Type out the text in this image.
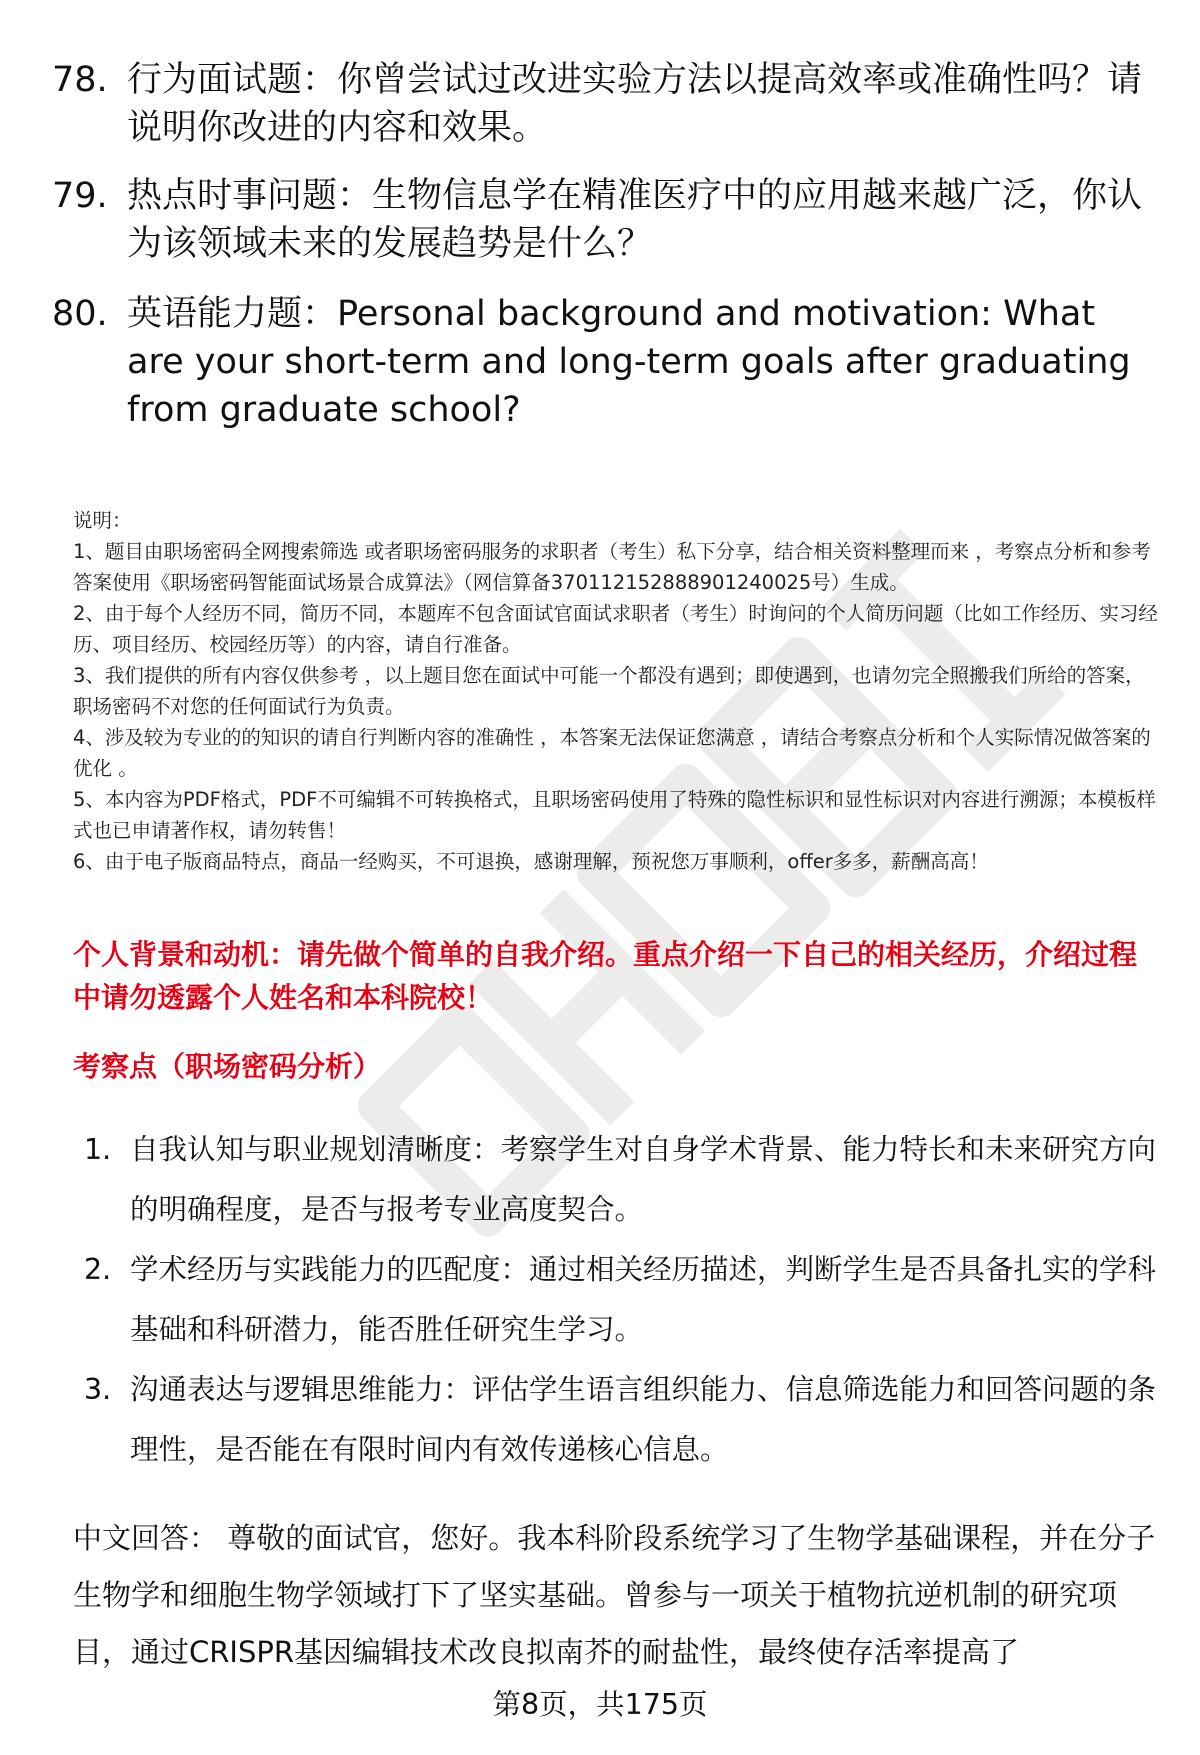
78. 行为面试题：你曾尝试过改进实验方法以提高效率或准确性吗？请说明你改进的内容和效果。
79. 热点时事问题：生物信息学在精准医疗中的应用越来越广泛，你认为该领域未来的发展趋势是什么？
80. 英语能力题：Personal background and motivation: What are your short-term and long-term goals after graduating from graduate school?

说明：

1、题目由职场密码全网搜索筛选 或者职场密码服务的求职者（考生）私下分享，结合相关资料整理而来 ，考察点分析和参考答案使用《职场密码智能面试场景合成算法》（网信算备370112152888901240025号）生成。

2、由于每个人经历不同，简历不同，本题库不包含面试官面试求职者（考生）时询问的个人简历问题（比如工作经历、实习经历、项目经历、校园经历等）的内容，请自行准备。

3、我们提供的所有内容仅供参考 ，以上题目您在面试中可能一个都没有遇到；即使遇到，也请勿完全照搬我们所给的答案，职场密码不对您的任何面试行为负责。

4、涉及较为专业的的知识的请自行判断内容的准确性 ，本答案无法保证您满意 ，请结合考察点分析和个人实际情况做答案的优化 。

5、本内容为PDF格式，PDF不可编辑不可转换格式，且职场密码使用了特殊的隐性标识和显性标识对内容进行溯源；本模板样式也已申请著作权，请勿转售！

6、由于电子版商品特点，商品一经购买，不可退换，感谢理解，预祝您万事顺利，offer多多，薪酬高高！

个人背景和动机：请先做个简单的自我介绍。重点介绍一下自己的相关经历，介绍过程中请勿透露个人姓名和本科院校！
考察点（职场密码分析）
1. 自我认知与职业规划清晰度：考察学生对自身学术背景、能力特长和未来研究方向的明确程度，是否与报考专业高度契合。
2. 学术经历与实践能力的匹配度：通过相关经历描述，判断学生是否具备扎实的学科基础和科研潜力，能否胜任研究生学习。
3. 沟通表达与逻辑思维能力：评估学生语言组织能力、信息筛选能力和回答问题的条理性，是否能在有限时间内有效传递核心信息。
中文回答： 尊敬的面试官，您好。我本科阶段系统学习了生物学基础课程，并在分子生物学和细胞生物学领域打下了坚实基础。曾参与一项关于植物抗逆机制的研究项目，通过CRISPR基因编辑技术改良拟南芥的耐盐性，最终使存活率提高了
第8页，共175页
